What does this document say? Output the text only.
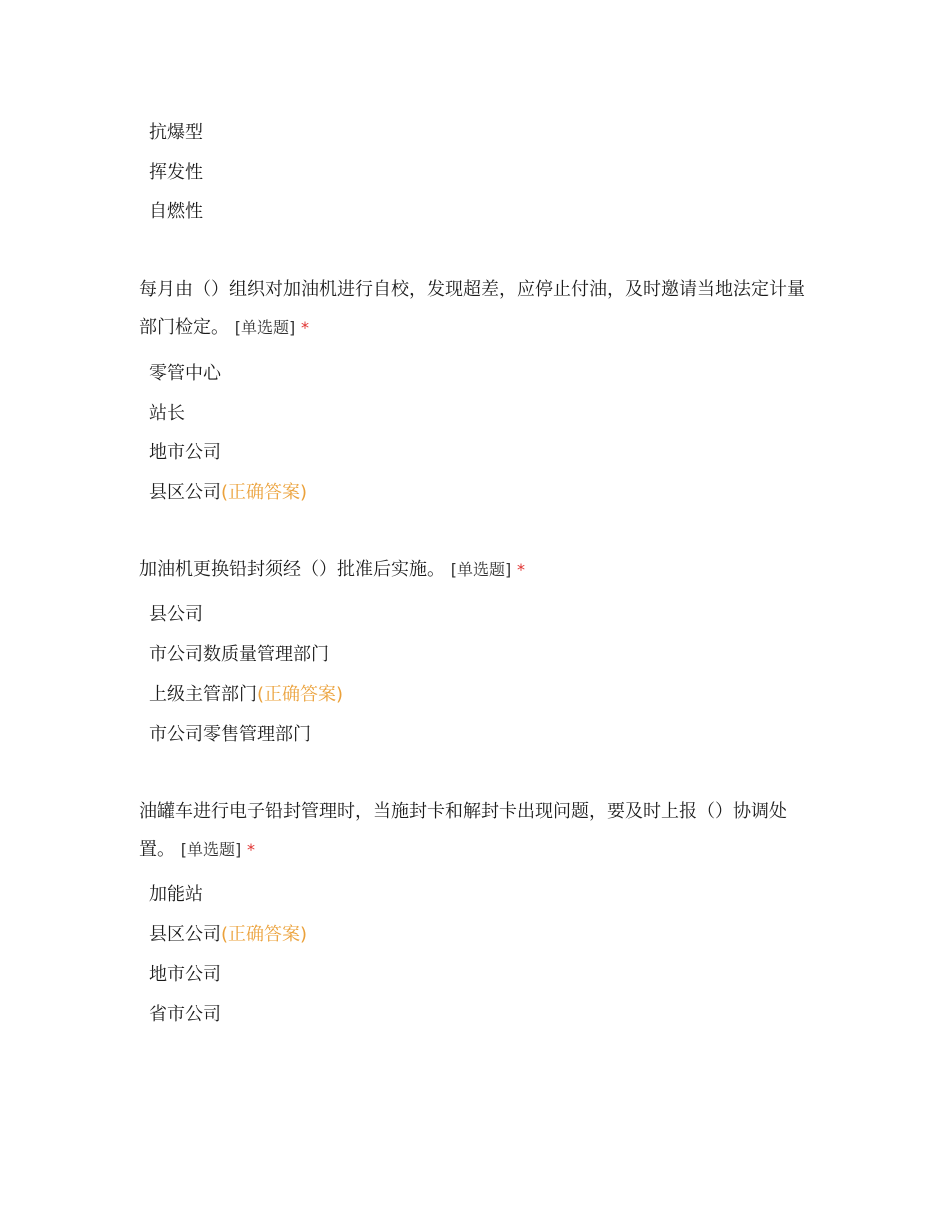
抗爆型
挥发性
自燃性
每月由（）组织对加油机进行自校，发现超差，应停止付油，及时邀请当地法定计量部门检定。 [单选题] *
零管中心
站长
地市公司
县区公司(正确答案)
加油机更换铅封须经（）批准后实施。 [单选题] *
县公司
市公司数质量管理部门
上级主管部门(正确答案)
市公司零售管理部门
油罐车进行电子铅封管理时，当施封卡和解封卡出现问题，要及时上报（）协调处置。 [单选题] *
加能站
县区公司(正确答案)
地市公司
省市公司
